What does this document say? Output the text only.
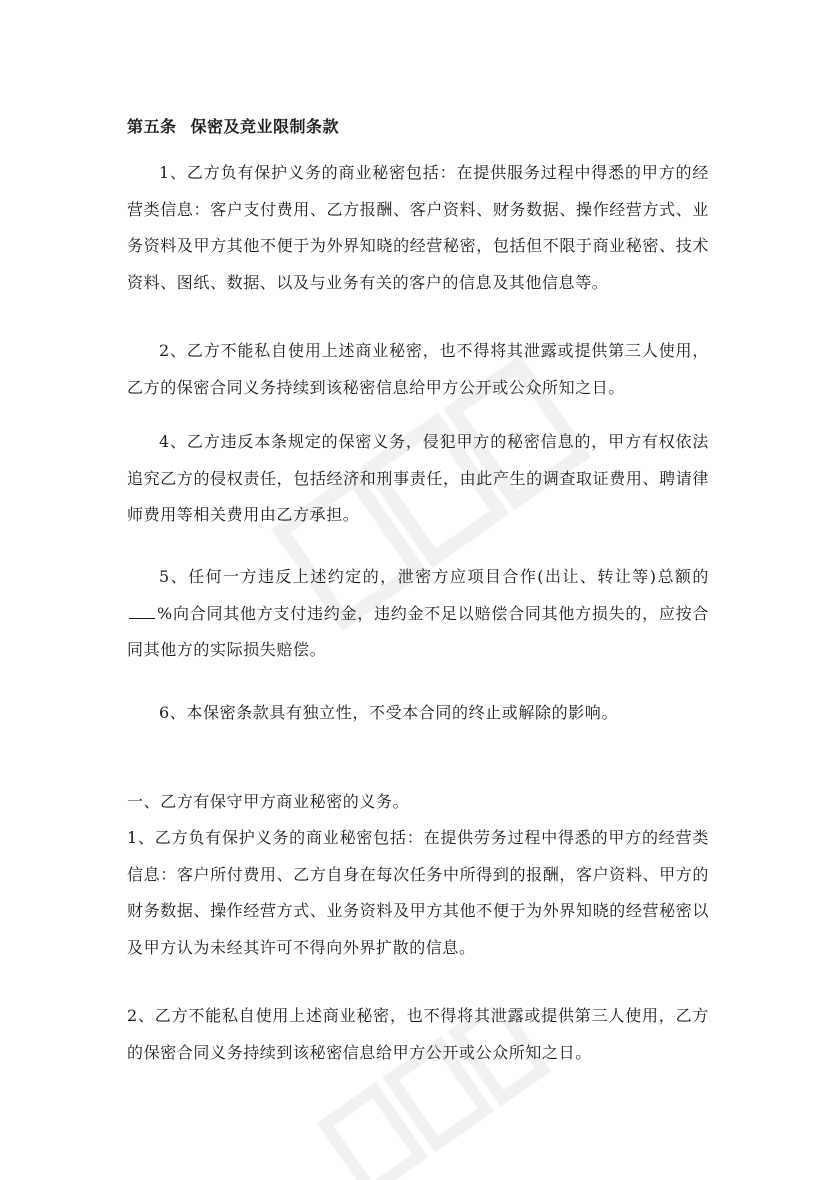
第五条 保密及竞业限制条款

1、乙方负有保护义务的商业秘密包括：在提供服务过程中得悉的甲方的经营类信息：客户支付费用、乙方报酬、客户资料、财务数据、操作经营方式、业务资料及甲方其他不便于为外界知晓的经营秘密，包括但不限于商业秘密、技术资料、图纸、数据、以及与业务有关的客户的信息及其他信息等。

2、乙方不能私自使用上述商业秘密，也不得将其泄露或提供第三人使用，乙方的保密合同义务持续到该秘密信息给甲方公开或公众所知之日。

4、乙方违反本条规定的保密义务，侵犯甲方的秘密信息的，甲方有权依法追究乙方的侵权责任，包括经济和刑事责任，由此产生的调查取证费用、聘请律师费用等相关费用由乙方承担。

5、任何一方违反上述约定的，泄密方应项目合作(出让、转让等)总额的%向合同其他方支付违约金，违约金不足以赔偿合同其他方损失的，应按合同其他方的实际损失赔偿。

6、本保密条款具有独立性，不受本合同的终止或解除的影响。

一、乙方有保守甲方商业秘密的义务。

1、乙方负有保护义务的商业秘密包括：在提供劳务过程中得悉的甲方的经营类信息：客户所付费用、乙方自身在每次任务中所得到的报酬，客户资料、甲方的财务数据、操作经营方式、业务资料及甲方其他不便于为外界知晓的经营秘密以及甲方认为未经其许可不得向外界扩散的信息。

2、乙方不能私自使用上述商业秘密，也不得将其泄露或提供第三人使用，乙方的保密合同义务持续到该秘密信息给甲方公开或公众所知之日。
